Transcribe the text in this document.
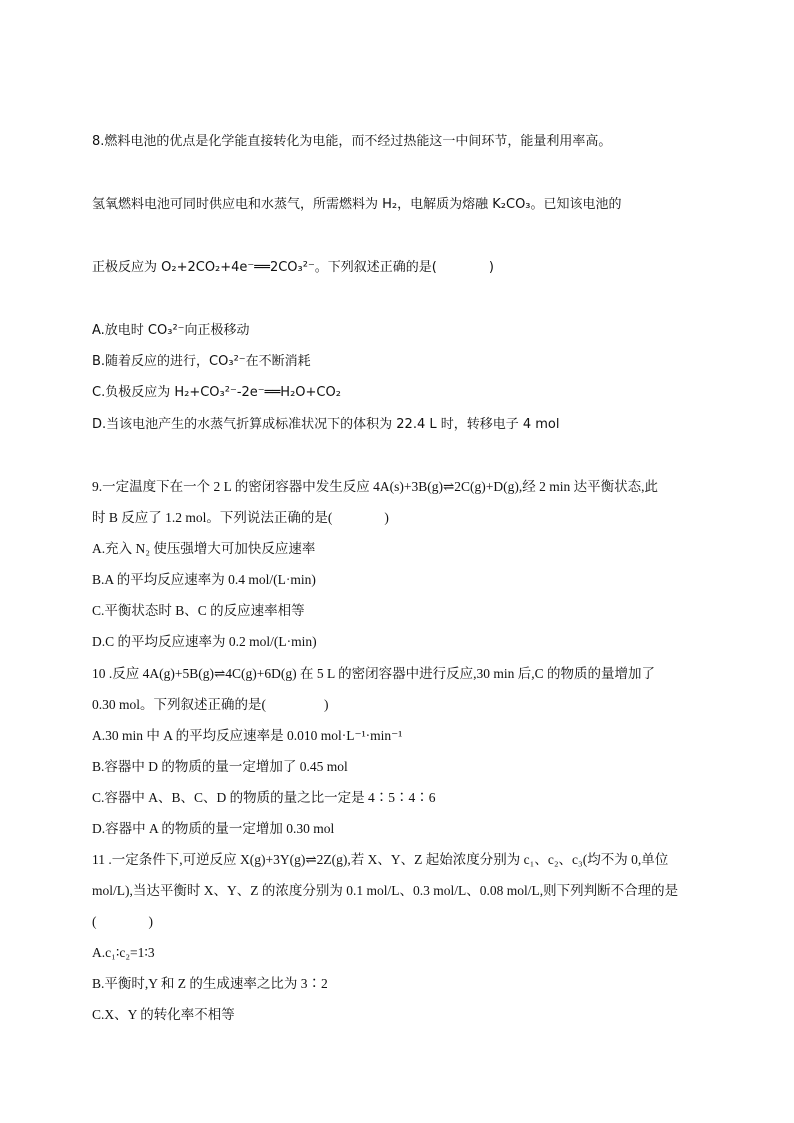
8.燃料电池的优点是化学能直接转化为电能，而不经过热能这一中间环节，能量利用率高。
氢氧燃料电池可同时供应电和水蒸气，所需燃料为 H₂，电解质为熔融 K₂CO₃。已知该电池的
正极反应为 O₂+2CO₂+4e⁻══2CO₃²⁻。下列叙述正确的是(	)
A.放电时 CO₃²⁻向正极移动
B.随着反应的进行，CO₃²⁻在不断消耗
C.负极反应为 H₂+CO₃²⁻-2e⁻══H₂O+CO₂
D.当该电池产生的水蒸气折算成标准状况下的体积为 22.4 L 时，转移电子 4 mol
9.一定温度下在一个 2 L 的密闭容器中发生反应 4A(s)+3B(g)⇌2C(g)+D(g),经 2 min 达平衡状态,此
时 B 反应了 1.2 mol。下列说法正确的是(	)
A.充入 N₂ 使压强增大可加快反应速率
B.A 的平均反应速率为 0.4 mol/(L·min)
C.平衡状态时 B、C 的反应速率相等
D.C 的平均反应速率为 0.2 mol/(L·min)
10 .反应 4A(g)+5B(g)⇌4C(g)+6D(g) 在 5 L 的密闭容器中进行反应,30 min 后,C 的物质的量增加了
0.30 mol。下列叙述正确的是(	)
A.30 min 中 A 的平均反应速率是 0.010 mol·L⁻¹·min⁻¹
B.容器中 D 的物质的量一定增加了 0.45 mol
C.容器中 A、B、C、D 的物质的量之比一定是 4∶5∶4∶6
D.容器中 A 的物质的量一定增加 0.30 mol
11 .一定条件下,可逆反应 X(g)+3Y(g)⇌2Z(g),若 X、Y、Z 起始浓度分别为 c₁、c₂、c₃(均不为 0,单位
mol/L),当达平衡时 X、Y、Z 的浓度分别为 0.1 mol/L、0.3 mol/L、0.08 mol/L,则下列判断不合理的是
(	)
A.c₁∶c₂=1∶3
B.平衡时,Y 和 Z 的生成速率之比为 3∶2
C.X、Y 的转化率不相等
